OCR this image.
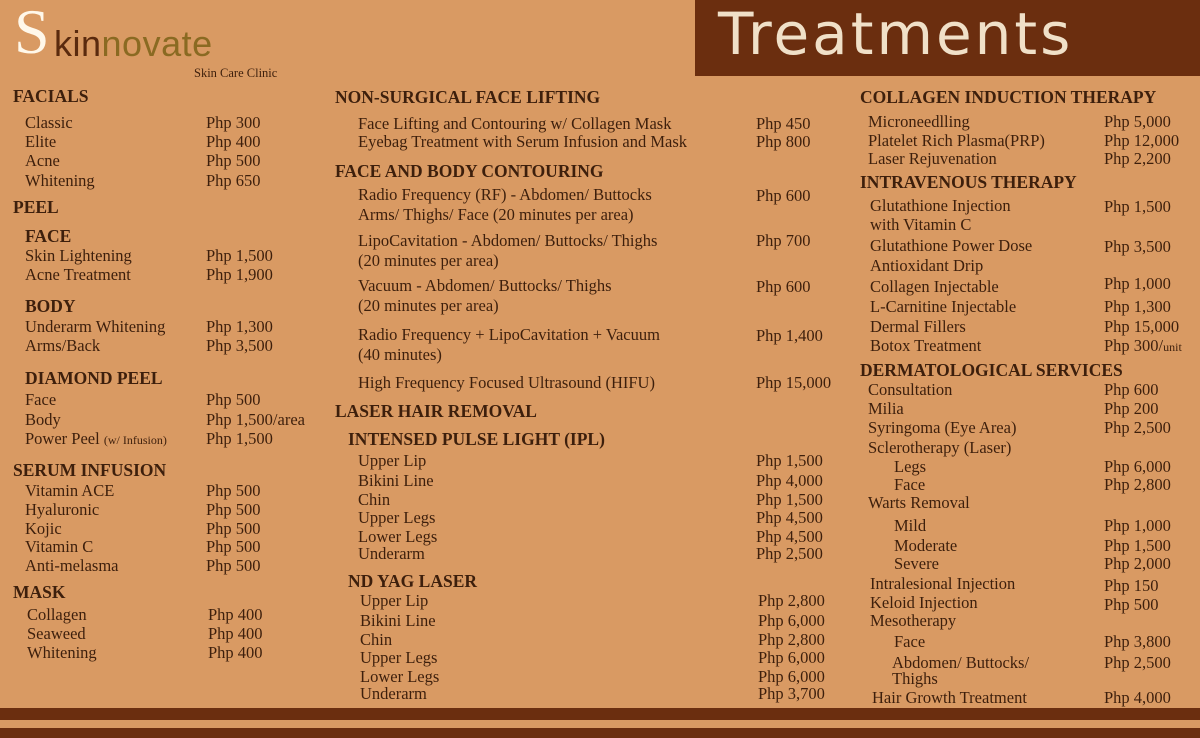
S kinnovate
Skin Care Clinic
Treatments
FACIALS
Classic	Php 300
Elite	Php 400
Acne	Php 500
Whitening	Php 650
PEEL
FACE
Skin Lightening	Php 1,500
Acne Treatment	Php 1,900
BODY
Underarm Whitening Php 1,300
Arms/Back	Php 3,500
DIAMOND PEEL
Face	Php 500
Body	Php 1,500/area
Power Peel (w/ Infusion) Php 1,500
SERUM INFUSION
Vitamin ACE	Php 500
Hyaluronic	Php 500
Kojic	Php 500
Vitamin C	Php 500
Anti-melasma	Php 500
MASK
Collagen	Php 400
Seaweed	Php 400
Whitening	Php 400
NON-SURGICAL FACE LIFTING
Face Lifting and Contouring w/ Collagen Mask	Php 450
Eyebag Treatment with Serum Infusion and Mask	Php 800
FACE AND BODY CONTOURING
Radio Frequency (RF) - Abdomen/ Buttocks
Arms/ Thighs/ Face (20 minutes per area)
Php 600
LipoCavitation - Abdomen/ Buttocks/ Thighs
(20 minutes per area)
Php 700
Vacuum - Abdomen/ Buttocks/ Thighs
(20 minutes per area)
Php 600
Radio Frequency + LipoCavitation + Vacuum
(40 minutes)
Php 1,400
High Frequency Focused Ultrasound (HIFU)	Php 15,000
LASER HAIR REMOVAL
INTENSED PULSE LIGHT (IPL)
Upper Lip	Php 1,500
Bikini Line	Php 4,000
Chin	Php 1,500
Upper Legs	Php 4,500
Lower Legs	Php 4,500
Underarm	Php 2,500
ND YAG LASER
Upper Lip	Php 2,800
Bikini Line	Php 6,000
Chin	Php 2,800
Upper Legs	Php 6,000
Lower Legs	Php 6,000
Underarm	Php 3,700
COLLAGEN INDUCTION THERAPY
Microneedlling	Php 5,000
Platelet Rich Plasma(PRP)	Php 12,000
Laser Rejuvenation	Php 2,200
INTRAVENOUS THERAPY
Glutathione Injection
with Vitamin C
Php 1,500
Glutathione Power Dose
Antioxidant Drip
Php 3,500
Collagen Injectable	Php 1,000
L-Carnitine Injectable	Php 1,300
Dermal Fillers	Php 15,000
Botox Treatment	Php 300/unit
DERMATOLOGICAL SERVICES
Consultation	Php 600
Milia	Php 200
Syringoma (Eye Area)	Php 2,500
Sclerotherapy (Laser)
Legs	Php 6,000
Face	Php 2,800
Warts Removal
Mild	Php 1,000
Moderate	Php 1,500
Severe	Php 2,000
Intralesional Injection	Php 150
Keloid Injection	Php 500
Mesotherapy
Face	Php 3,800
Abdomen/ Buttocks/
Thighs
Php 2,500
Hair Growth Treatment	Php 4,000
